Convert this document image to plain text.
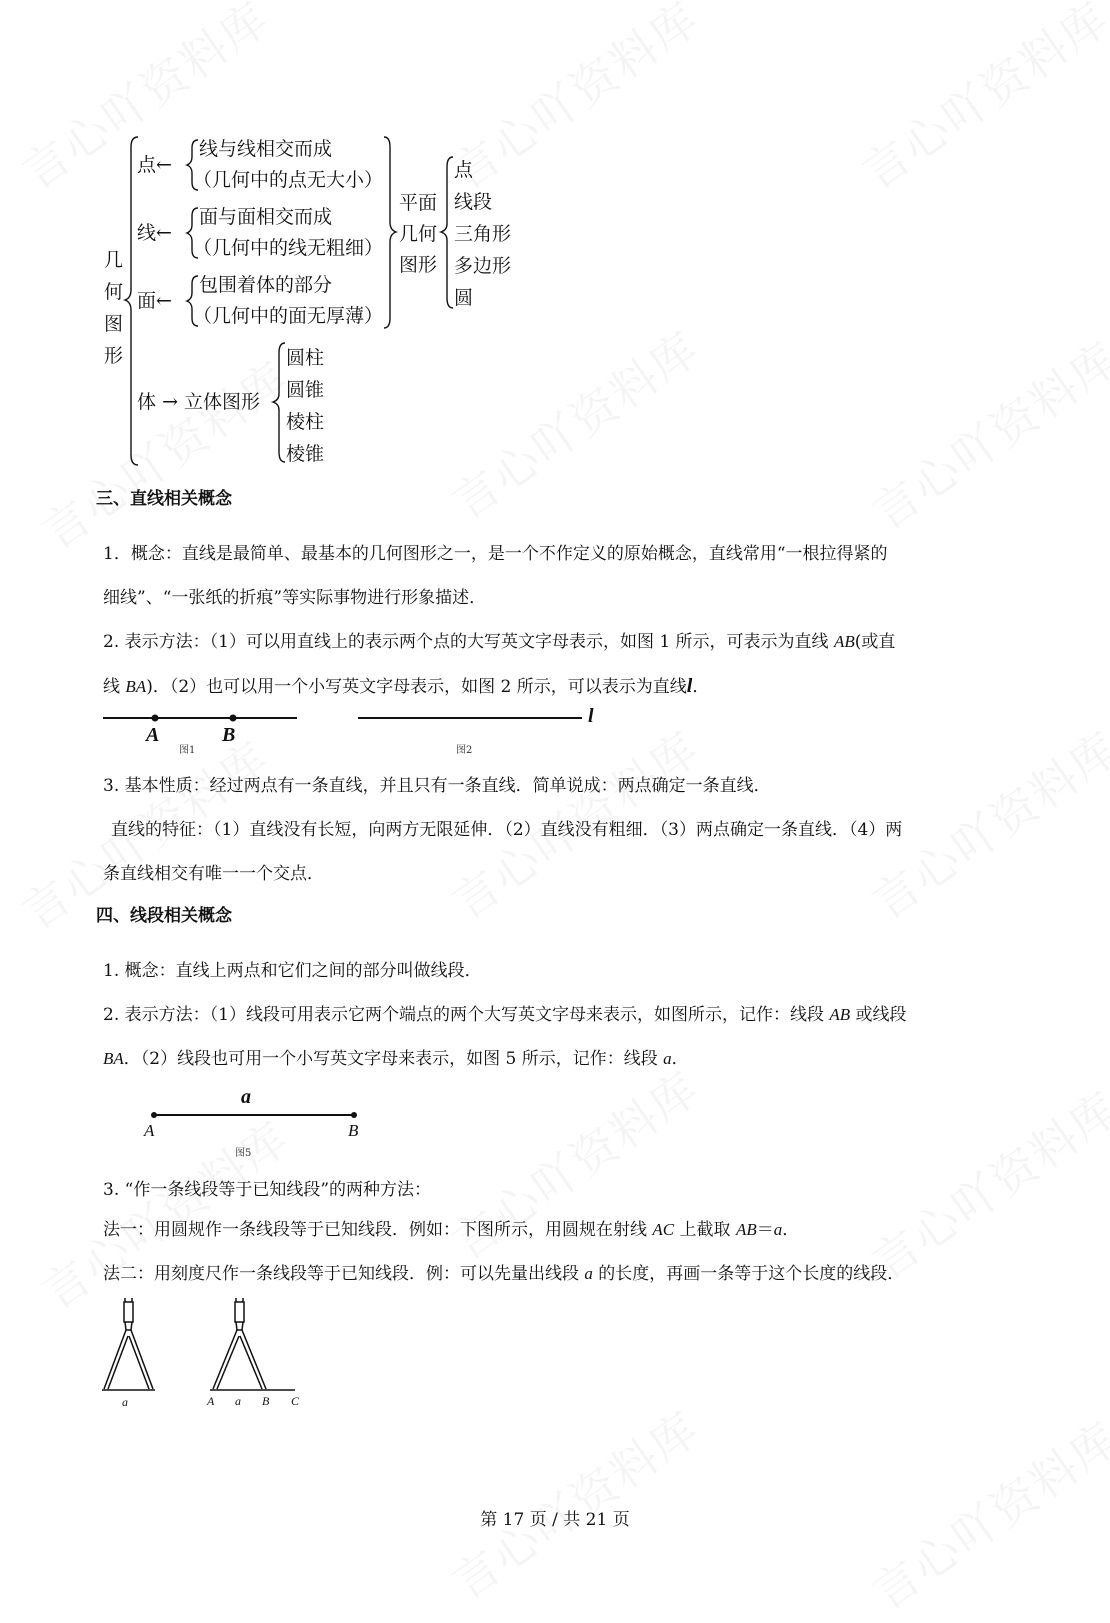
几
何
图
形
点←
线与线相交而成
（几何中的点无大小）
线←
面与面相交而成
（几何中的线无粗细）
面←
包围着体的部分
（几何中的面无厚薄）
体 → 立体图形
圆柱
圆锥
棱柱
棱锥
平面
几何
图形
点
线段
三角形
多边形
圆
三、直线相关概念
1．概念：直线是最简单、最基本的几何图形之一，是一个不作定义的原始概念，直线常用“一根拉得紧的
细线”、“一张纸的折痕”等实际事物进行形象描述．
2. 表示方法：（1）可以用直线上的表示两个点的大写英文字母表示，如图 1 所示，可表示为直线 AB(或直
线 BA)．（2）也可以用一个小写英文字母表示，如图 2 所示，可以表示为直线l．
A	B
图1
l
图2
3. 基本性质：经过两点有一条直线，并且只有一条直线．简单说成：两点确定一条直线．
直线的特征：（1）直线没有长短，向两方无限延伸．（2）直线没有粗细．（3）两点确定一条直线．（4）两
条直线相交有唯一一个交点．
四、线段相关概念
1. 概念：直线上两点和它们之间的部分叫做线段．
2. 表示方法：（1）线段可用表示它两个端点的两个大写英文字母来表示，如图所示，记作：线段 AB 或线段
BA．（2）线段也可用一个小写英文字母来表示，如图 5 所示，记作：线段 a．
a
A	B
图5
3. “作一条线段等于已知线段”的两种方法：
法一：用圆规作一条线段等于已知线段．例如：下图所示，用圆规在射线 AC 上截取 AB＝a．
法二：用刻度尺作一条线段等于已知线段．例：可以先量出线段 a 的长度，再画一条等于这个长度的线段．
a	A a B C
第 17 页 / 共 21 页
